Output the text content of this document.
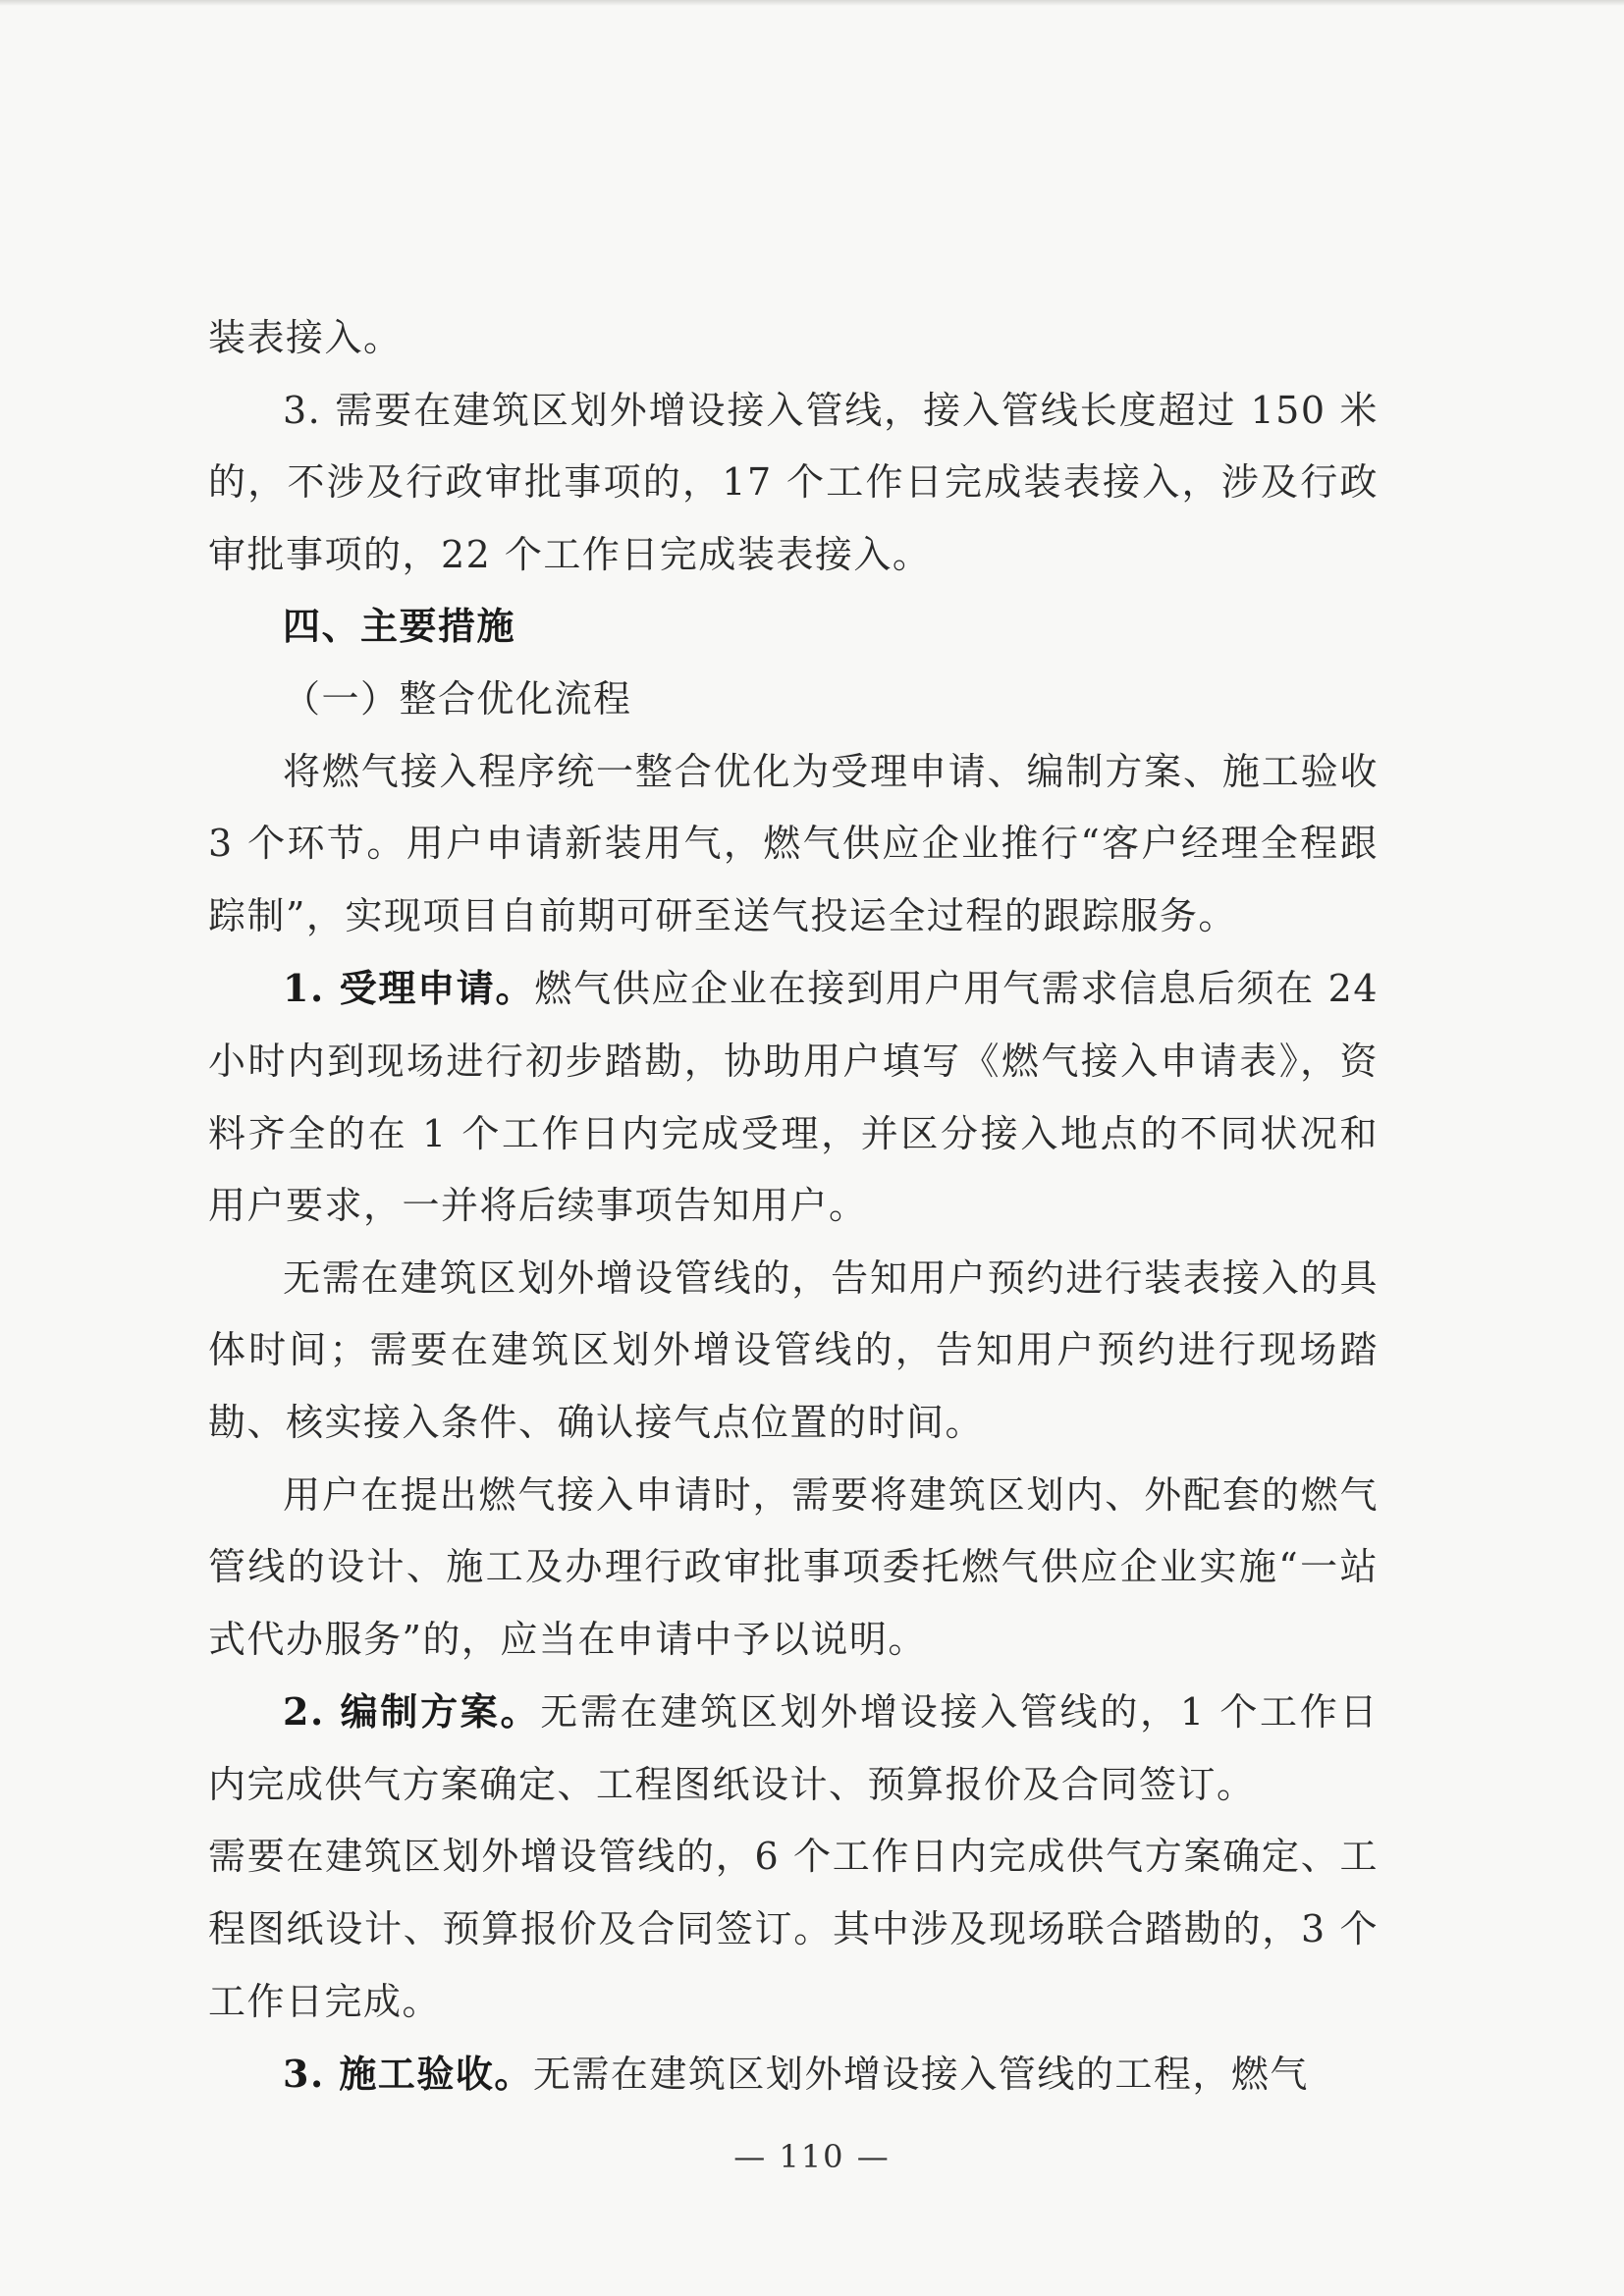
装表接入。

3. 需要在建筑区划外增设接入管线，接入管线长度超过 150 米的，不涉及行政审批事项的，17 个工作日完成装表接入，涉及行政审批事项的，22 个工作日完成装表接入。

四、主要措施

（一）整合优化流程

将燃气接入程序统一整合优化为受理申请、编制方案、施工验收 3 个环节。用户申请新装用气，燃气供应企业推行“客户经理全程跟踪制”，实现项目自前期可研至送气投运全过程的跟踪服务。

1. 受理申请。燃气供应企业在接到用户用气需求信息后须在 24 小时内到现场进行初步踏勘，协助用户填写《燃气接入申请表》，资料齐全的在 1 个工作日内完成受理，并区分接入地点的不同状况和用户要求，一并将后续事项告知用户。

无需在建筑区划外增设管线的，告知用户预约进行装表接入的具体时间；需要在建筑区划外增设管线的，告知用户预约进行现场踏勘、核实接入条件、确认接气点位置的时间。

用户在提出燃气接入申请时，需要将建筑区划内、外配套的燃气管线的设计、施工及办理行政审批事项委托燃气供应企业实施“一站式代办服务”的，应当在申请中予以说明。

2. 编制方案。无需在建筑区划外增设接入管线的，1 个工作日内完成供气方案确定、工程图纸设计、预算报价及合同签订。

需要在建筑区划外增设管线的，6 个工作日内完成供气方案确定、工程图纸设计、预算报价及合同签订。其中涉及现场联合踏勘的，3 个工作日完成。

3. 施工验收。无需在建筑区划外增设接入管线的工程，燃气

— 110 —
